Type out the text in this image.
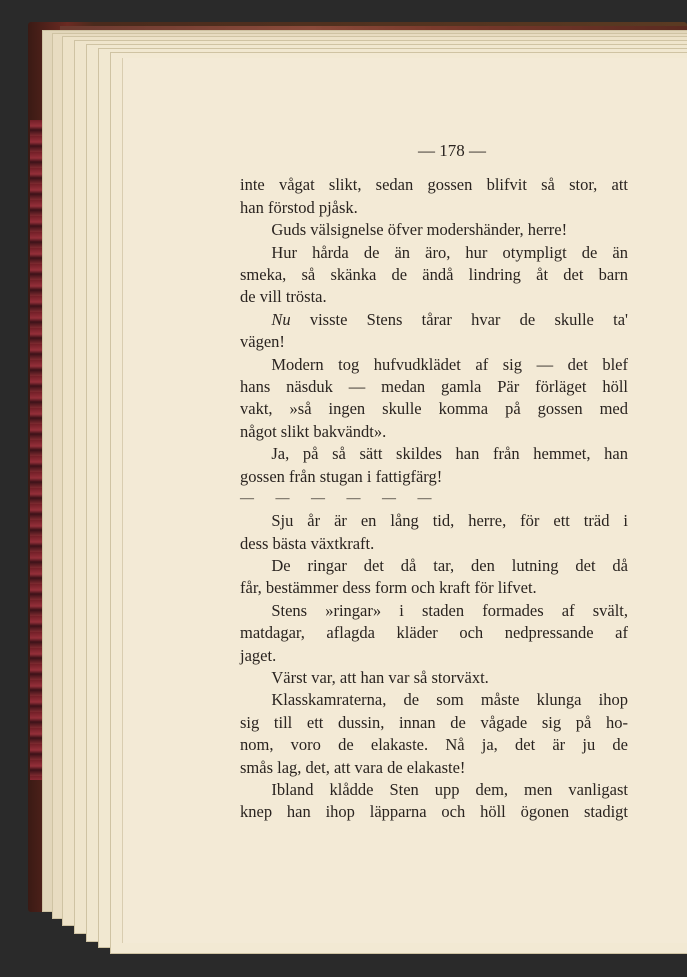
— 178 —
inte vågat slikt, sedan gossen blifvit så stor, att
han förstod pjåsk.
Guds välsignelse öfver modershänder, herre!
Hur hårda de än äro, hur otympligt de än
smeka, så skänka de ändå lindring åt det barn
de vill trösta.
Nu visste Stens tårar hvar de skulle ta'
vägen!
Modern tog hufvudklädet af sig — det blef
hans näsduk — medan gamla Pär förläget höll
vakt, »så ingen skulle komma på gossen med
något slikt bakvändt».
Ja, på så sätt skildes han från hemmet, han
gossen från stugan i fattigfärg!
— — — — — —
Sju år är en lång tid, herre, för ett träd i
dess bästa växtkraft.
De ringar det då tar, den lutning det då
får, bestämmer dess form och kraft för lifvet.
Stens »ringar» i staden formades af svält,
matdagar, aflagda kläder och nedpressande af
jaget.
Värst var, att han var så storväxt.
Klasskamraterna, de som måste klunga ihop
sig till ett dussin, innan de vågade sig på ho-
nom, voro de elakaste. Nå ja, det är ju de
smås lag, det, att vara de elakaste!
Ibland klådde Sten upp dem, men vanligast
knep han ihop läpparna och höll ögonen stadigt
